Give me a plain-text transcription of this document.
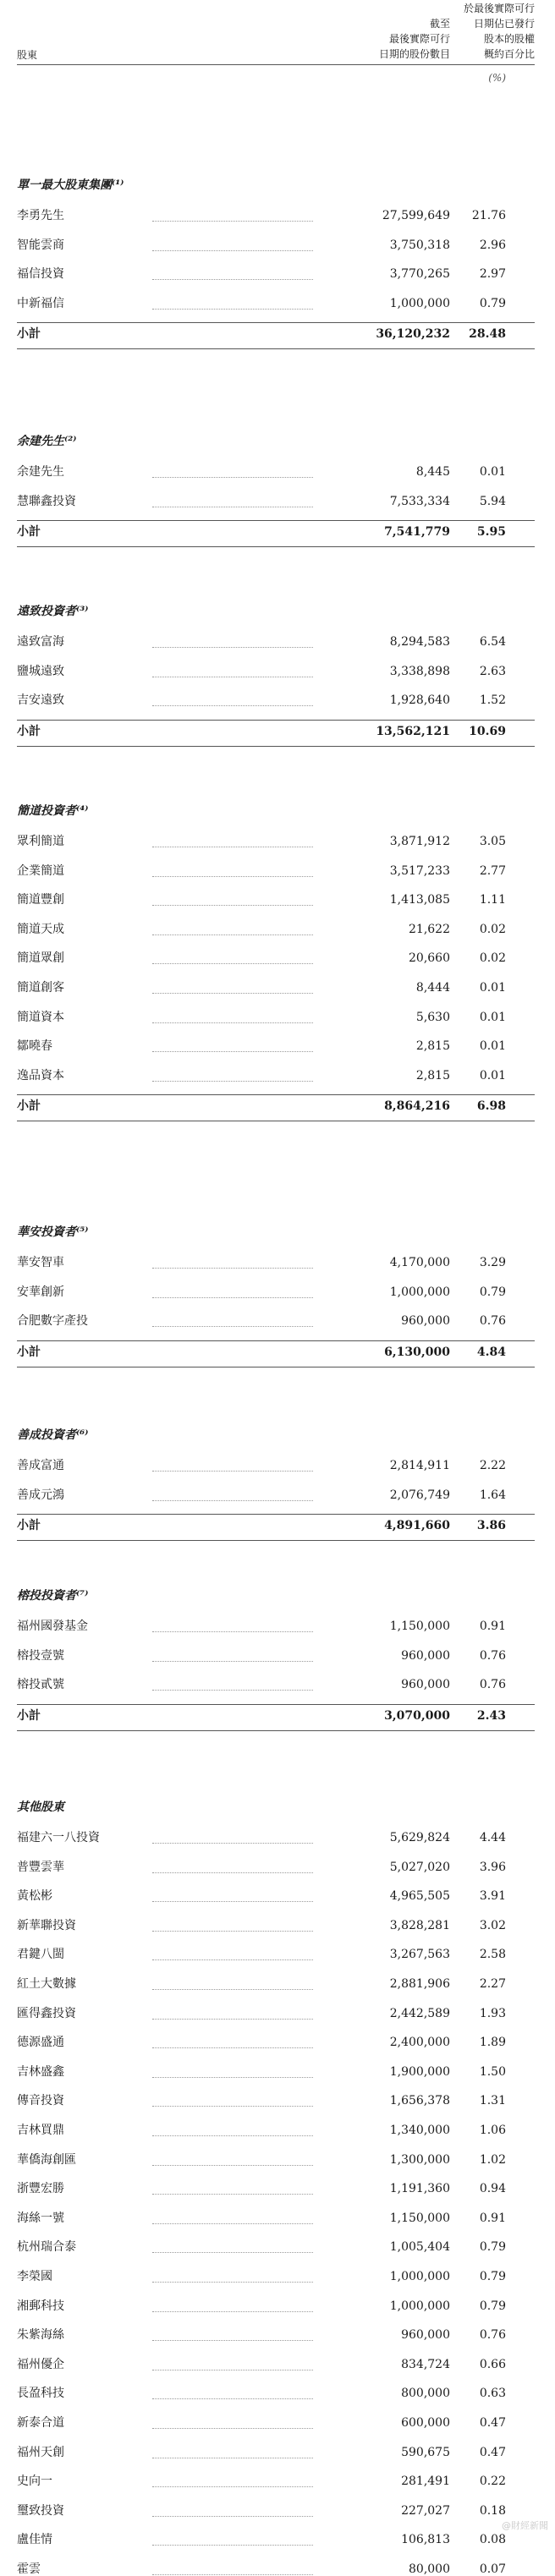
股東
截至
最後實際可行
日期的股份數目
於最後實際可行
日期佔已發行
股本的股權
概約百分比
(%)
單一最大股東集團⁽¹⁾
李勇先生	27,599,649 21.76
智能雲商	3,750,318 2.96
福信投資	3,770,265 2.97
中新福信	1,000,000 0.79
小計	36,120,232 28.48
余建先生⁽²⁾
余建先生	8,445 0.01
慧聯鑫投資	7,533,334 5.94
小計	7,541,779 5.95
遠致投資者⁽³⁾
遠致富海	8,294,583 6.54
鹽城遠致	3,338,898 2.63
吉安遠致	1,928,640 1.52
小計	13,562,121 10.69
簡道投資者⁽⁴⁾
眾利簡道	3,871,912 3.05
企業簡道	3,517,233 2.77
簡道豐創	1,413,085 1.11
簡道天成	21,622 0.02
簡道眾創	20,660 0.02
簡道創客	8,444 0.01
簡道資本	5,630 0.01
鄒曉春	2,815 0.01
逸品資本	2,815 0.01
小計	8,864,216 6.98
華安投資者⁽⁵⁾
華安智車	4,170,000 3.29
安華創新	1,000,000 0.79
合肥數字產投	960,000 0.76
小計	6,130,000 4.84
善成投資者⁽⁶⁾
善成富通	2,814,911 2.22
善成元鴻	2,076,749 1.64
小計	4,891,660 3.86
榕投投資者⁽⁷⁾
福州國發基金	1,150,000 0.91
榕投壹號	960,000 0.76
榕投貳號	960,000 0.76
小計	3,070,000 2.43
其他股東
福建六一八投資	5,629,824 4.44
普豐雲華	5,027,020 3.96
黃松彬	4,965,505 3.91
新華聯投資	3,828,281 3.02
君鍵八閩	3,267,563 2.58
紅土大數據	2,881,906 2.27
匯得鑫投資	2,442,589 1.93
德源盛通	2,400,000 1.89
吉林盛鑫	1,900,000 1.50
傳音投資	1,656,378 1.31
吉林買鼎	1,340,000 1.06
華僑海創匯	1,300,000 1.02
浙豐宏勝	1,191,360 0.94
海絲一號	1,150,000 0.91
杭州瑞合泰	1,005,404 0.79
李榮國	1,000,000 0.79
湘郵科技	1,000,000 0.79
朱紫海絲	960,000 0.76
福州優企	834,724 0.66
長盈科技	800,000 0.63
新泰合道	600,000 0.47
福州天創	590,675 0.47
史向一	281,491 0.22
璽致投資	227,027 0.18
盧佳情	106,813 0.08
霍雲	80,000 0.07
@財經新聞
